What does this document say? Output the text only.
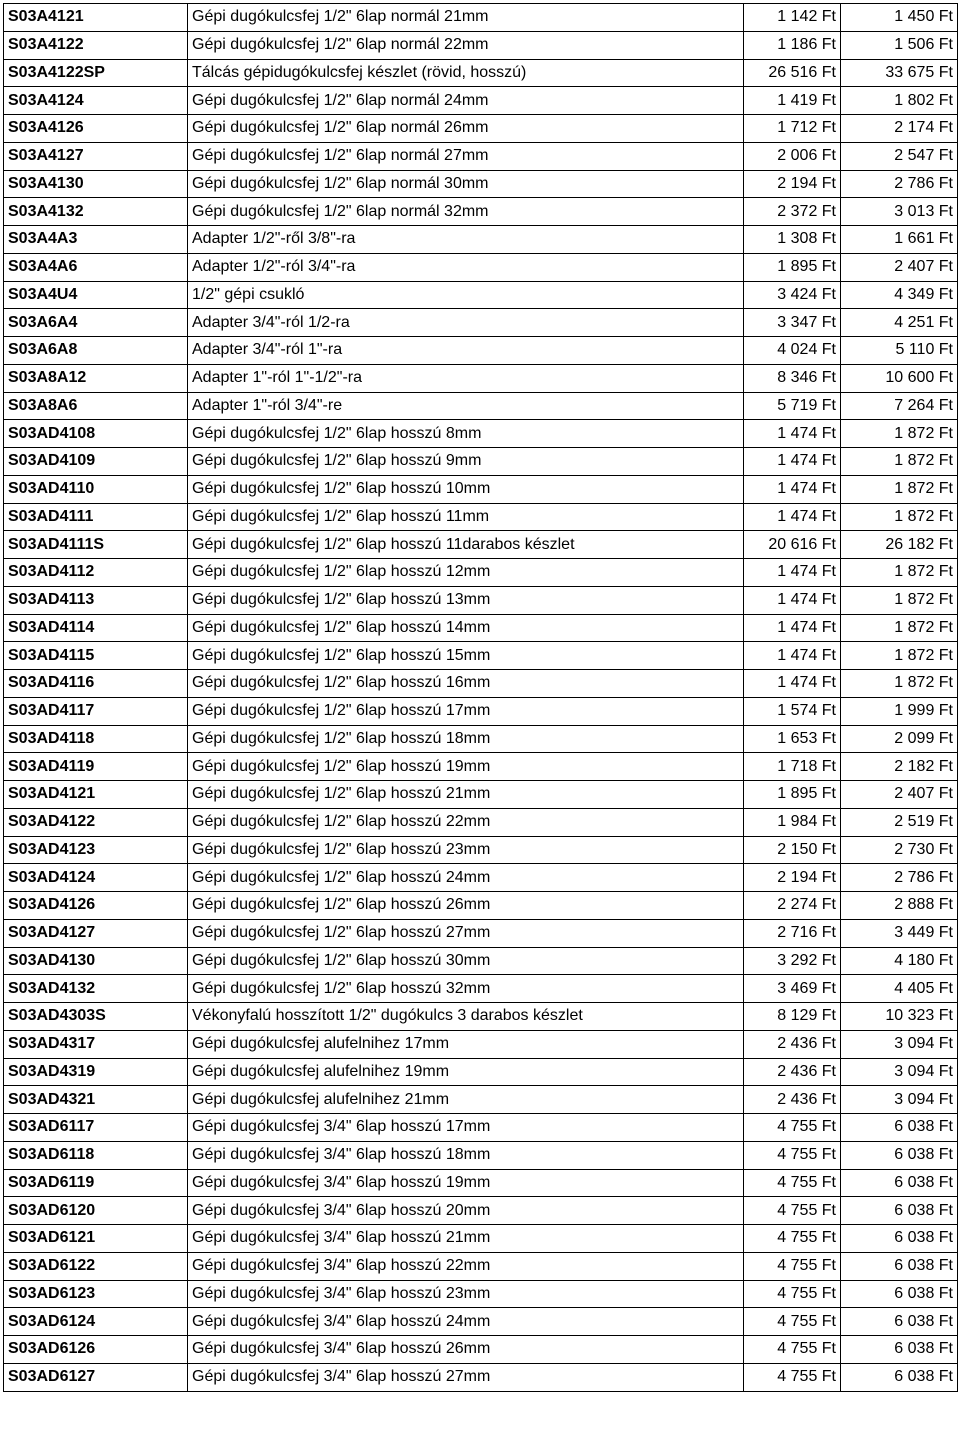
S03A4121	Gépi dugókulcsfej 1/2" 6lap normál 21mm	1 142 Ft	1 450 Ft
S03A4122	Gépi dugókulcsfej 1/2" 6lap normál 22mm	1 186 Ft	1 506 Ft
S03A4122SP	Tálcás gépidugókulcsfej készlet (rövid, hosszú)	26 516 Ft	33 675 Ft
S03A4124	Gépi dugókulcsfej 1/2" 6lap normál 24mm	1 419 Ft	1 802 Ft
S03A4126	Gépi dugókulcsfej 1/2" 6lap normál 26mm	1 712 Ft	2 174 Ft
S03A4127	Gépi dugókulcsfej 1/2" 6lap normál 27mm	2 006 Ft	2 547 Ft
S03A4130	Gépi dugókulcsfej 1/2" 6lap normál 30mm	2 194 Ft	2 786 Ft
S03A4132	Gépi dugókulcsfej 1/2" 6lap normál 32mm	2 372 Ft	3 013 Ft
S03A4A3	Adapter 1/2"-ről 3/8"-ra	1 308 Ft	1 661 Ft
S03A4A6	Adapter 1/2"-ról 3/4"-ra	1 895 Ft	2 407 Ft
S03A4U4	1/2" gépi csukló	3 424 Ft	4 349 Ft
S03A6A4	Adapter 3/4"-ról 1/2-ra	3 347 Ft	4 251 Ft
S03A6A8	Adapter 3/4"-ról 1"-ra	4 024 Ft	5 110 Ft
S03A8A12	Adapter 1"-ról 1"-1/2"-ra	8 346 Ft	10 600 Ft
S03A8A6	Adapter 1"-ról 3/4"-re	5 719 Ft	7 264 Ft
S03AD4108	Gépi dugókulcsfej 1/2" 6lap hosszú 8mm	1 474 Ft	1 872 Ft
S03AD4109	Gépi dugókulcsfej 1/2" 6lap hosszú 9mm	1 474 Ft	1 872 Ft
S03AD4110	Gépi dugókulcsfej 1/2" 6lap hosszú 10mm	1 474 Ft	1 872 Ft
S03AD4111	Gépi dugókulcsfej 1/2" 6lap hosszú 11mm	1 474 Ft	1 872 Ft
S03AD4111S	Gépi dugókulcsfej 1/2" 6lap hosszú 11darabos készlet	20 616 Ft	26 182 Ft
S03AD4112	Gépi dugókulcsfej 1/2" 6lap hosszú 12mm	1 474 Ft	1 872 Ft
S03AD4113	Gépi dugókulcsfej 1/2" 6lap hosszú 13mm	1 474 Ft	1 872 Ft
S03AD4114	Gépi dugókulcsfej 1/2" 6lap hosszú 14mm	1 474 Ft	1 872 Ft
S03AD4115	Gépi dugókulcsfej 1/2" 6lap hosszú 15mm	1 474 Ft	1 872 Ft
S03AD4116	Gépi dugókulcsfej 1/2" 6lap hosszú 16mm	1 474 Ft	1 872 Ft
S03AD4117	Gépi dugókulcsfej 1/2" 6lap hosszú 17mm	1 574 Ft	1 999 Ft
S03AD4118	Gépi dugókulcsfej 1/2" 6lap hosszú 18mm	1 653 Ft	2 099 Ft
S03AD4119	Gépi dugókulcsfej 1/2" 6lap hosszú 19mm	1 718 Ft	2 182 Ft
S03AD4121	Gépi dugókulcsfej 1/2" 6lap hosszú 21mm	1 895 Ft	2 407 Ft
S03AD4122	Gépi dugókulcsfej 1/2" 6lap hosszú 22mm	1 984 Ft	2 519 Ft
S03AD4123	Gépi dugókulcsfej 1/2" 6lap hosszú 23mm	2 150 Ft	2 730 Ft
S03AD4124	Gépi dugókulcsfej 1/2" 6lap hosszú 24mm	2 194 Ft	2 786 Ft
S03AD4126	Gépi dugókulcsfej 1/2" 6lap hosszú 26mm	2 274 Ft	2 888 Ft
S03AD4127	Gépi dugókulcsfej 1/2" 6lap hosszú 27mm	2 716 Ft	3 449 Ft
S03AD4130	Gépi dugókulcsfej 1/2" 6lap hosszú 30mm	3 292 Ft	4 180 Ft
S03AD4132	Gépi dugókulcsfej 1/2" 6lap hosszú 32mm	3 469 Ft	4 405 Ft
S03AD4303S	Vékonyfalú hosszított 1/2" dugókulcs 3 darabos készlet	8 129 Ft	10 323 Ft
S03AD4317	Gépi dugókulcsfej alufelnihez 17mm	2 436 Ft	3 094 Ft
S03AD4319	Gépi dugókulcsfej alufelnihez 19mm	2 436 Ft	3 094 Ft
S03AD4321	Gépi dugókulcsfej alufelnihez 21mm	2 436 Ft	3 094 Ft
S03AD6117	Gépi dugókulcsfej 3/4" 6lap hosszú 17mm	4 755 Ft	6 038 Ft
S03AD6118	Gépi dugókulcsfej 3/4" 6lap hosszú 18mm	4 755 Ft	6 038 Ft
S03AD6119	Gépi dugókulcsfej 3/4" 6lap hosszú 19mm	4 755 Ft	6 038 Ft
S03AD6120	Gépi dugókulcsfej 3/4" 6lap hosszú 20mm	4 755 Ft	6 038 Ft
S03AD6121	Gépi dugókulcsfej 3/4" 6lap hosszú 21mm	4 755 Ft	6 038 Ft
S03AD6122	Gépi dugókulcsfej 3/4" 6lap hosszú 22mm	4 755 Ft	6 038 Ft
S03AD6123	Gépi dugókulcsfej 3/4" 6lap hosszú 23mm	4 755 Ft	6 038 Ft
S03AD6124	Gépi dugókulcsfej 3/4" 6lap hosszú 24mm	4 755 Ft	6 038 Ft
S03AD6126	Gépi dugókulcsfej 3/4" 6lap hosszú 26mm	4 755 Ft	6 038 Ft
S03AD6127	Gépi dugókulcsfej 3/4" 6lap hosszú 27mm	4 755 Ft	6 038 Ft
